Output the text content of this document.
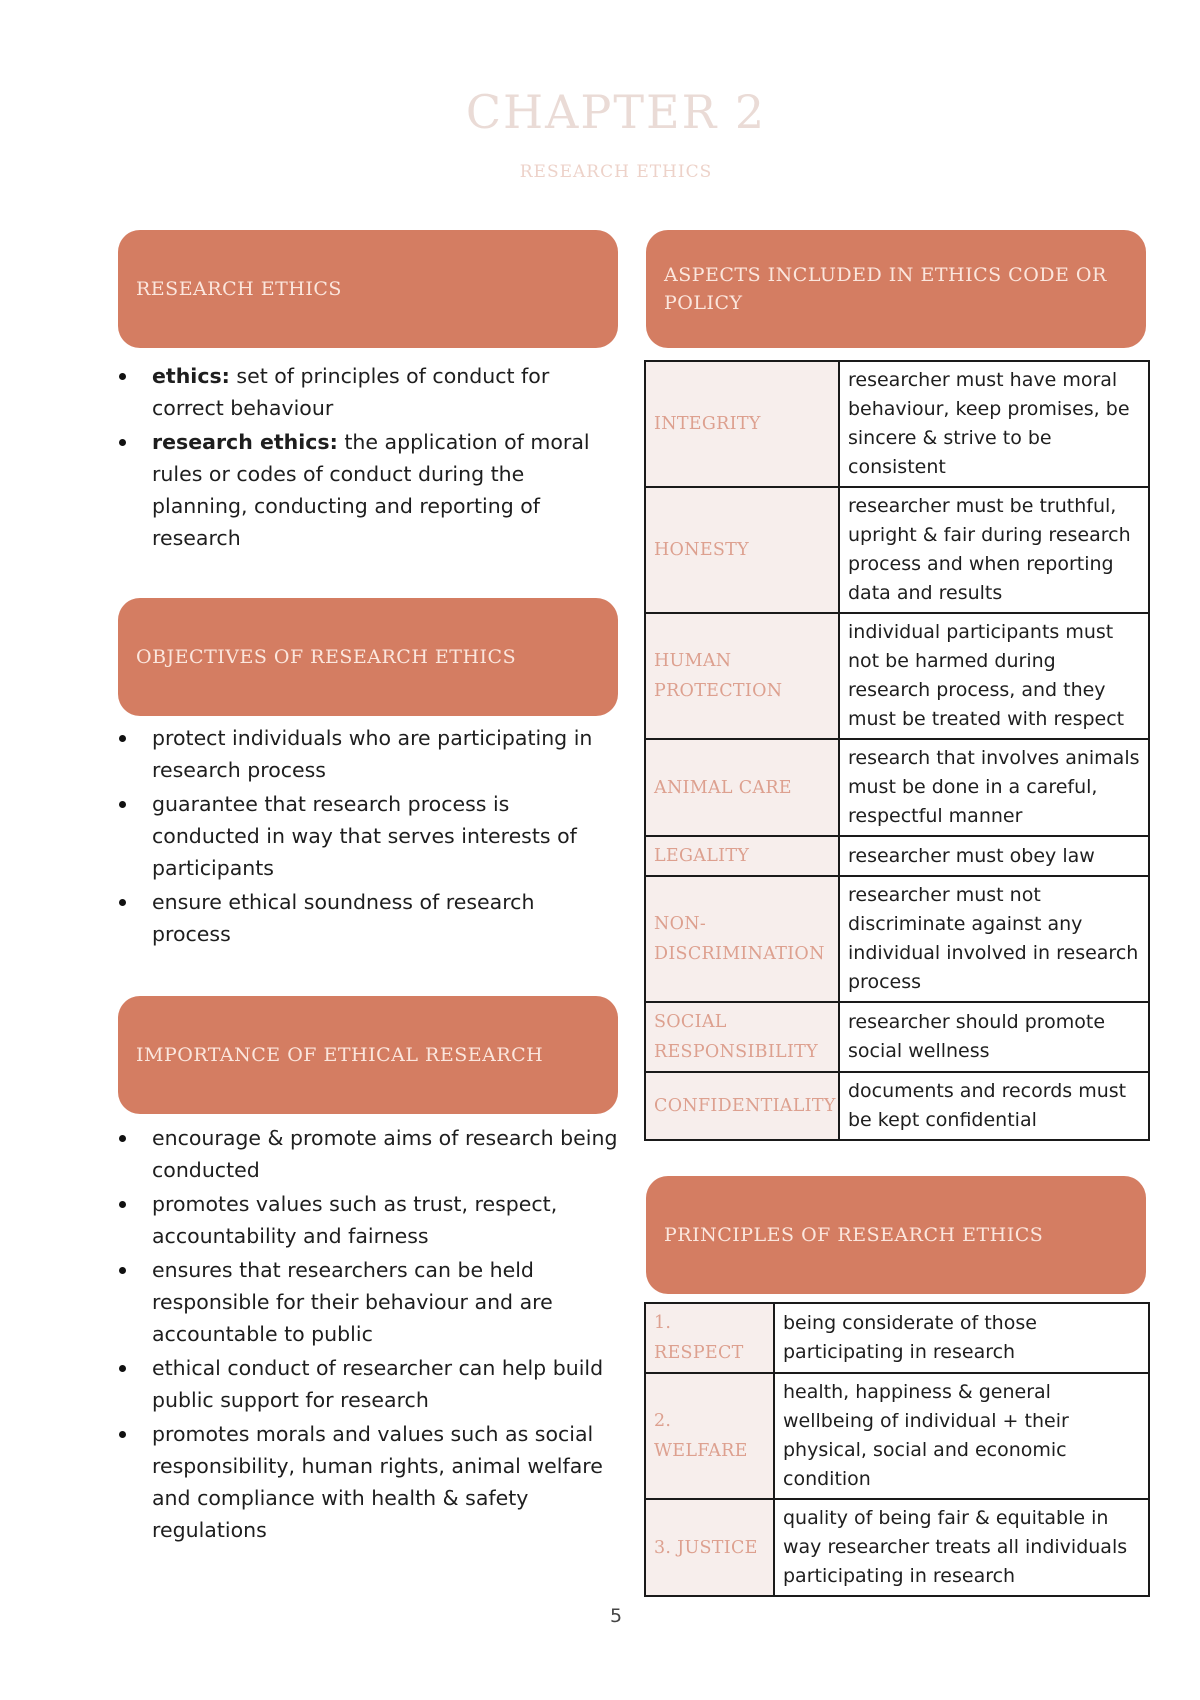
CHAPTER 2
RESEARCH ETHICS
RESEARCH ETHICS
ethics: set of principles of conduct for correct behaviour
research ethics: the application of moral rules or codes of conduct during the planning, conducting and reporting of research
OBJECTIVES OF RESEARCH ETHICS
protect individuals who are participating in research process
guarantee that research process is conducted in way that serves interests of participants
ensure ethical soundness of research process
IMPORTANCE OF ETHICAL RESEARCH
encourage & promote aims of research being conducted
promotes values such as trust, respect, accountability and fairness
ensures that researchers can be held responsible for their behaviour and are accountable to public
ethical conduct of researcher can help build public support for research
promotes morals and values such as social responsibility, human rights, animal welfare and compliance with health & safety regulations
ASPECTS INCLUDED IN ETHICS CODE OR POLICY
INTEGRITY	researcher must have moral behaviour, keep promises, be sincere & strive to be consistent
HONESTY	researcher must be truthful, upright & fair during research process and when reporting data and results
HUMAN PROTECTION	individual participants must not be harmed during research process, and they must be treated with respect
ANIMAL CARE	research that involves animals must be done in a careful, respectful manner
LEGALITY	researcher must obey law
NON-DISCRIMINATION	researcher must not discriminate against any individual involved in research process
SOCIAL RESPONSIBILITY	researcher should promote social wellness
CONFIDENTIALITY	documents and records must be kept confidential
PRINCIPLES OF RESEARCH ETHICS
1. RESPECT	being considerate of those participating in research
2. WELFARE	health, happiness & general wellbeing of individual + their physical, social and economic condition
3. JUSTICE	quality of being fair & equitable in way researcher treats all individuals participating in research
5
